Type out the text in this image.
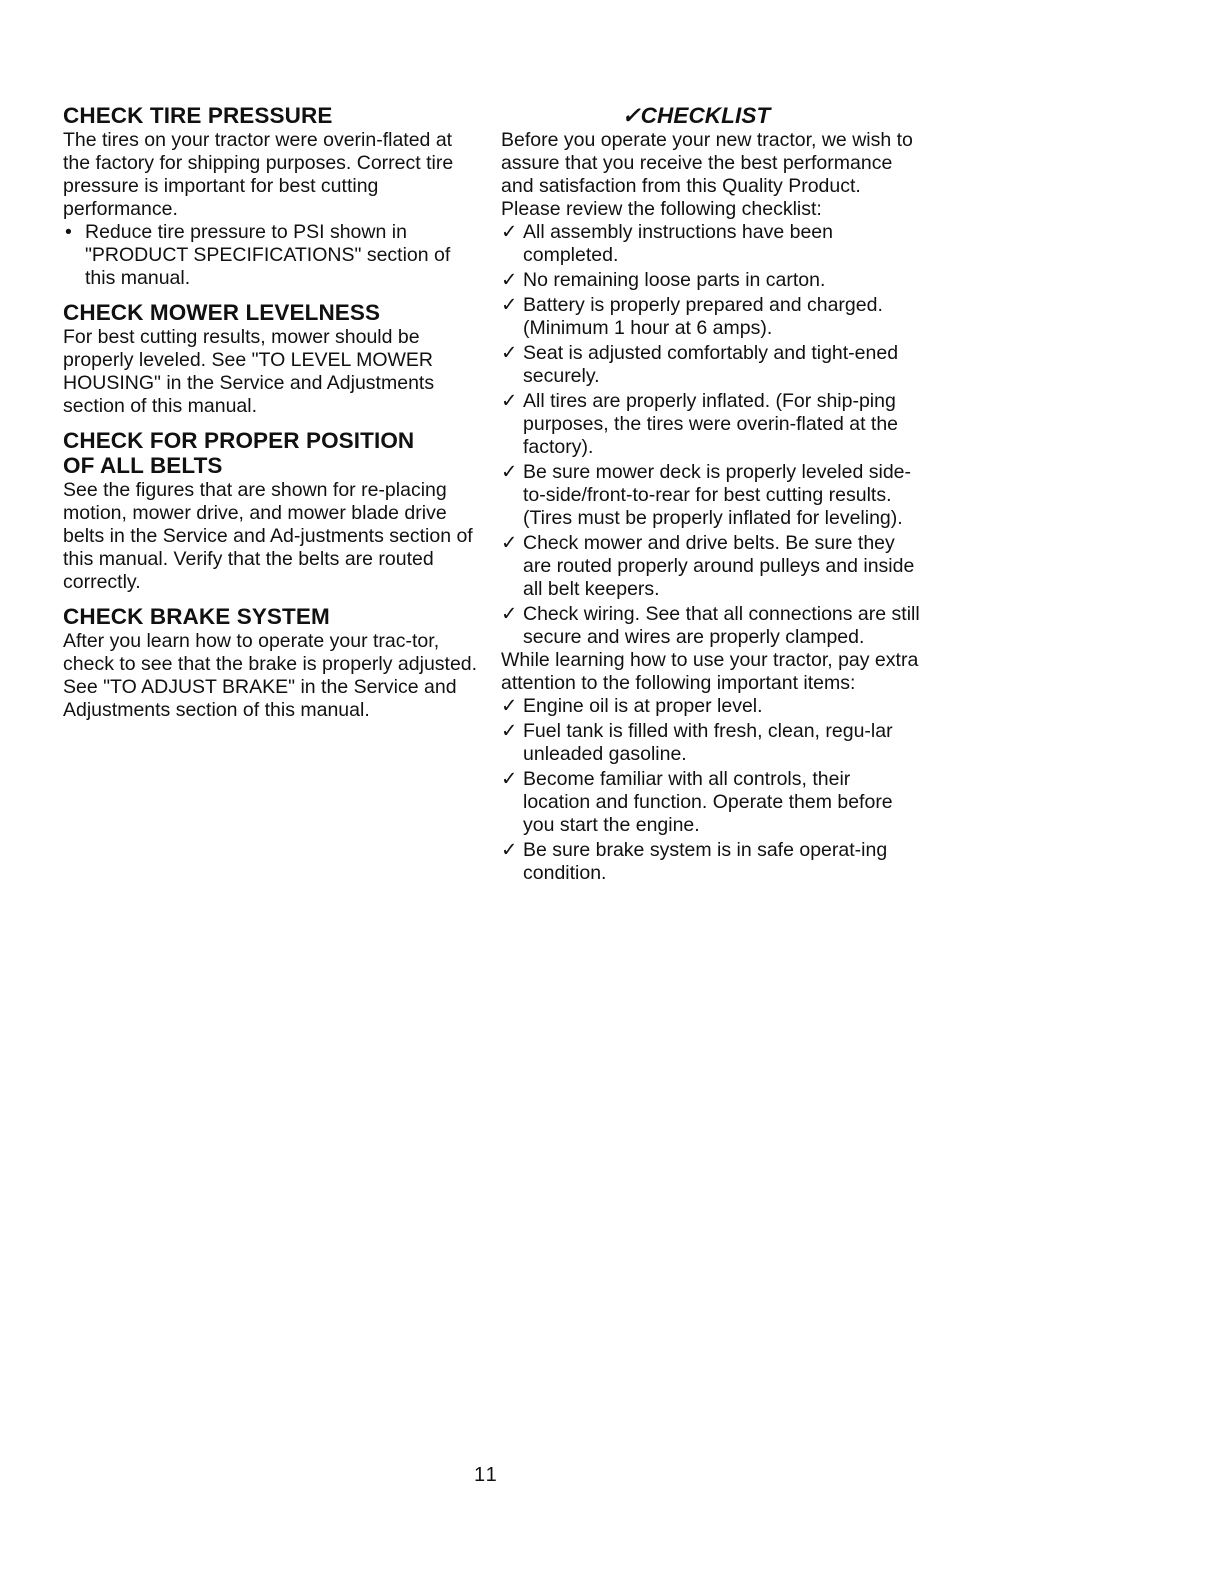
CHECK TIRE PRESSURE

The tires on your tractor were overin-flated at the factory for shipping purposes. Correct tire pressure is important for best cutting performance.

• Reduce tire pressure to PSI shown in "PRODUCT SPECIFICATIONS" section of this manual.
CHECK MOWER LEVELNESS

For best cutting results, mower should be properly leveled. See "TO LEVEL MOWER HOUSING" in the Service and Adjustments section of this manual.

CHECK FOR PROPER POSITION
OF ALL BELTS

See the figures that are shown for re-placing motion, mower drive, and mower blade drive belts in the Service and Ad-justments section of this manual. Verify that the belts are routed correctly.

CHECK BRAKE SYSTEM

After you learn how to operate your trac-tor, check to see that the brake is properly adjusted. See "TO ADJUST BRAKE" in the Service and Adjustments section of this manual.

✓CHECKLIST

Before you operate your new tractor, we wish to assure that you receive the best performance and satisfaction from this Quality Product.

Please review the following checklist:

✓ All assembly instructions have been completed.
✓ No remaining loose parts in carton.
✓ Battery is properly prepared and charged. (Minimum 1 hour at 6 amps).
✓ Seat is adjusted comfortably and tight-ened securely.
✓ All tires are properly inflated. (For ship-ping purposes, the tires were overin-flated at the factory).
✓ Be sure mower deck is properly leveled side-to-side/front-to-rear for best cutting results. (Tires must be properly inflated for leveling).
✓ Check mower and drive belts. Be sure they are routed properly around pulleys and inside all belt keepers.
✓ Check wiring. See that all connections are still secure and wires are properly clamped.

While learning how to use your tractor, pay extra attention to the following important items:

✓ Engine oil is at proper level.
✓ Fuel tank is filled with fresh, clean, regu-lar unleaded gasoline.
✓ Become familiar with all controls, their location and function. Operate them before you start the engine.
✓ Be sure brake system is in safe operat-ing condition.
11
